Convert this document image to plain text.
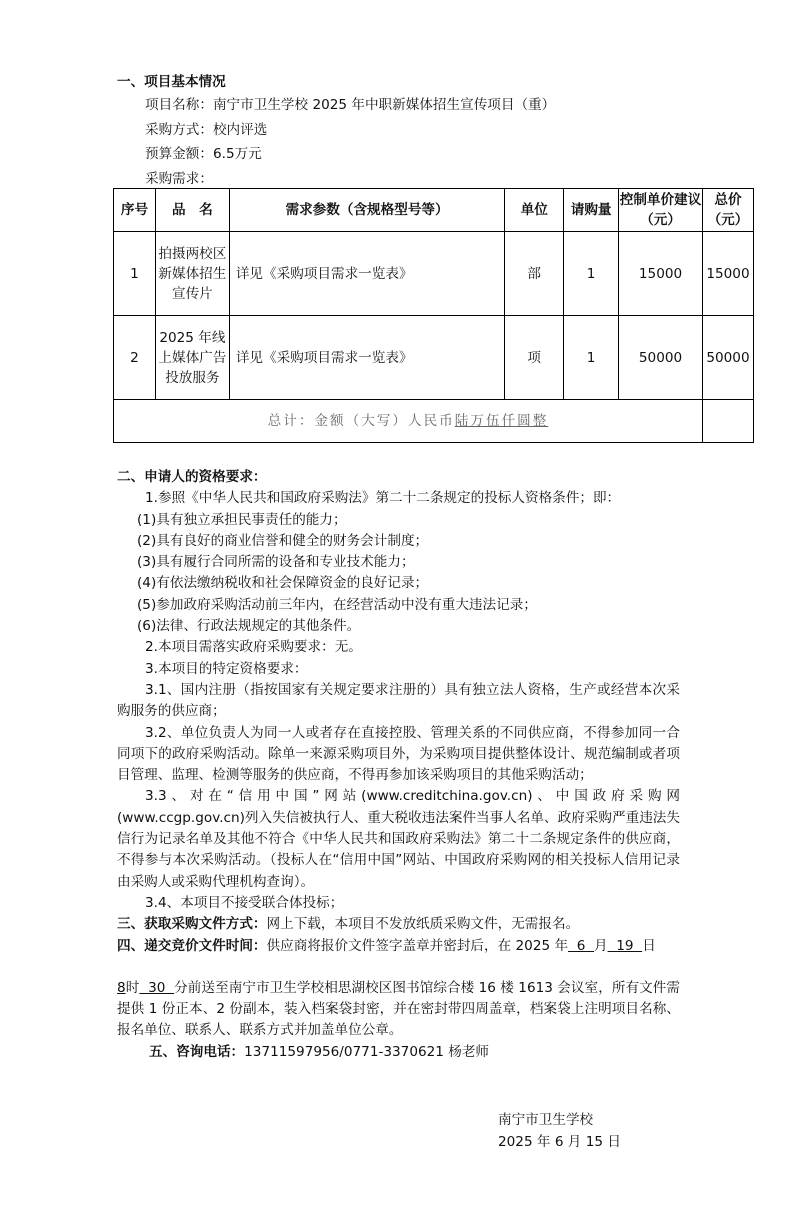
一、项目基本情况
项目名称：南宁市卫生学校 2025 年中职新媒体招生宣传项目（重）
采购方式：校内评选
预算金额：6.5万元
采购需求：
序号	品　名	需求参数（含规格型号等）	单位	请购量	控制单价建议（元）	总价（元）
1	拍摄两校区新媒体招生宣传片	详见《采购项目需求一览表》	部	1	15000	15000
2	2025 年线上媒体广告投放服务	详见《采购项目需求一览表》	项	1	50000	50000
总计：金额（大写）人民币陆万伍仟圆整						
二、申请人的资格要求：
1.参照《中华人民共和国政府采购法》第二十二条规定的投标人资格条件；即：
(1)具有独立承担民事责任的能力；
(2)具有良好的商业信誉和健全的财务会计制度；
(3)具有履行合同所需的设备和专业技术能力；
(4)有依法缴纳税收和社会保障资金的良好记录；
(5)参加政府采购活动前三年内，在经营活动中没有重大违法记录；
(6)法律、行政法规规定的其他条件。
2.本项目需落实政府采购要求：无。
3.本项目的特定资格要求：
3.1、国内注册（指按国家有关规定要求注册的）具有独立法人资格，生产或经营本次采购服务的供应商；
3.2、单位负责人为同一人或者存在直接控股、管理关系的不同供应商，不得参加同一合同项下的政府采购活动。除单一来源采购项目外，为采购项目提供整体设计、规范编制或者项目管理、监理、检测等服务的供应商，不得再参加该采购项目的其他采购活动；
3.3、对在“信用中国”网站(www.creditchina.gov.cn)、中国政府采购网(www.ccgp.gov.cn)列入失信被执行人、重大税收违法案件当事人名单、政府采购严重违法失信行为记录名单及其他不符合《中华人民共和国政府采购法》第二十二条规定条件的供应商，不得参与本次采购活动。（投标人在“信用中国”网站、中国政府采购网的相关投标人信用记录由采购人或采购代理机构查询）。
3.4、本项目不接受联合体投标；
三、获取采购文件方式：网上下载，本项目不发放纸质采购文件，无需报名。
四、递交竞价文件时间：供应商将报价文件签字盖章并密封后，在 2025 年  6  月  19  日
8时  30  分前送至南宁市卫生学校相思湖校区图书馆综合楼 16 楼 1613 会议室，所有文件需提供 1 份正本、2 份副本，装入档案袋封密，并在密封带四周盖章，档案袋上注明项目名称、报名单位、联系人、联系方式并加盖单位公章。
五、咨询电话：13711597956/0771-3370621 杨老师
南宁市卫生学校
2025 年 6 月 15 日
